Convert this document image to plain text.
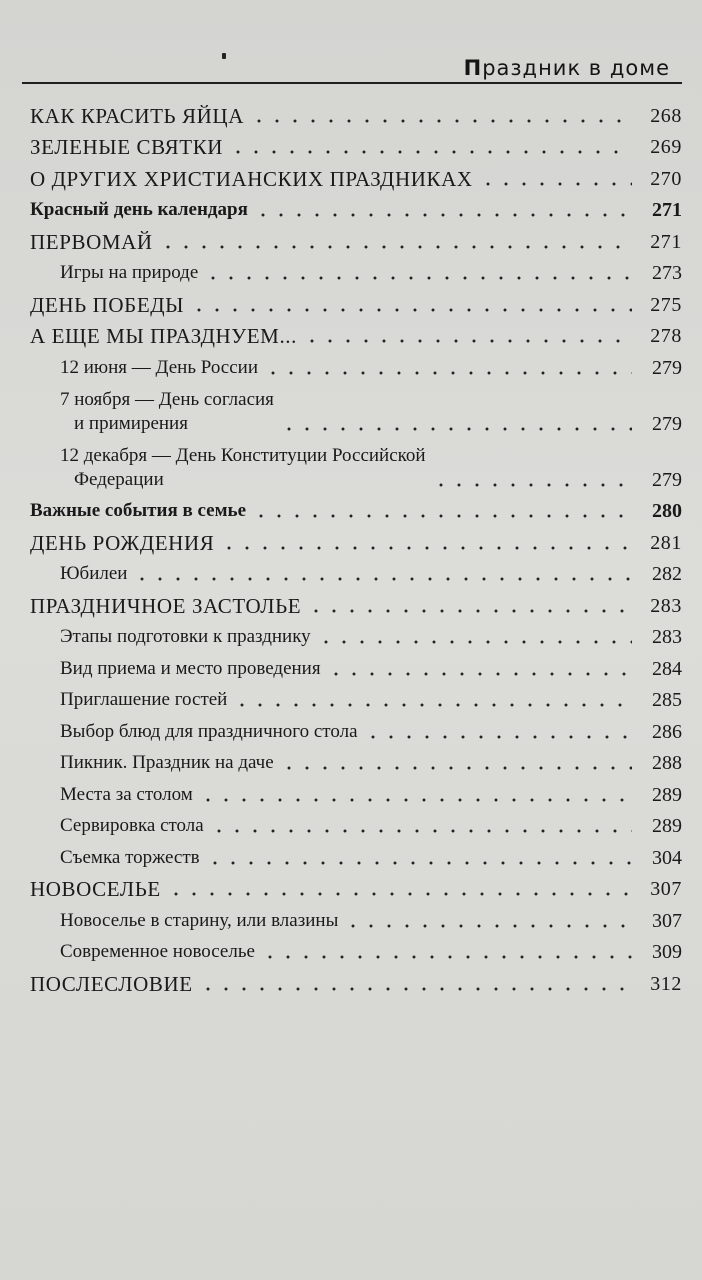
Праздник в доме
КАК КРАСИТЬ ЯЙЦА	268
ЗЕЛЕНЫЕ СВЯТКИ	269
О ДРУГИХ ХРИСТИАНСКИХ ПРАЗДНИКАХ	270
Красный день календаря	271
ПЕРВОМАЙ	271
Игры на природе	273
ДЕНЬ ПОБЕДЫ	275
А ЕЩЕ МЫ ПРАЗДНУЕМ...	278
12 июня — День России	279
7 ноября — День согласия
и примирения	279
12 декабря — День Конституции Российской
Федерации	279
Важные события в семье	280
ДЕНЬ РОЖДЕНИЯ	281
Юбилеи	282
ПРАЗДНИЧНОЕ ЗАСТОЛЬЕ	283
Этапы подготовки к празднику	283
Вид приема и место проведения	284
Приглашение гостей	285
Выбор блюд для праздничного стола	286
Пикник. Праздник на даче	288
Места за столом	289
Сервировка стола	289
Съемка торжеств	304
НОВОСЕЛЬЕ	307
Новоселье в старину, или влазины	307
Современное новоселье	309
ПОСЛЕСЛОВИЕ	312
